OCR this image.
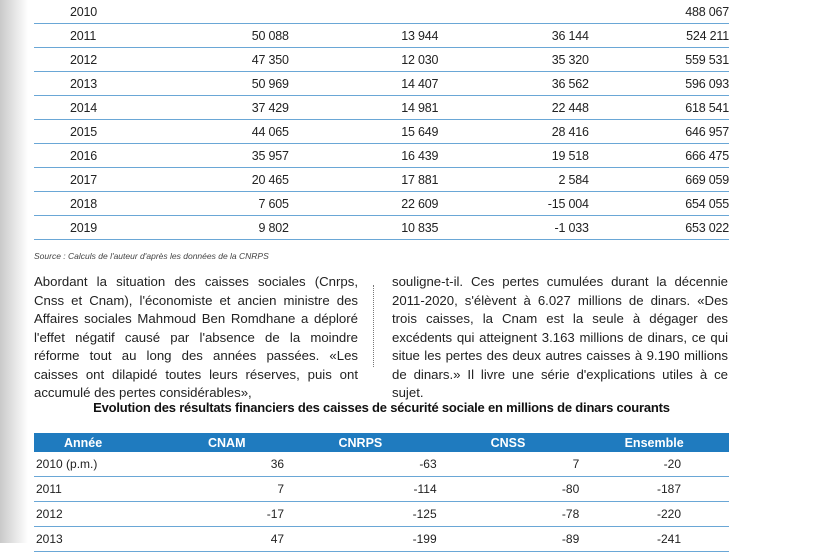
2010				488 067
2011	50 088	13 944	36 144	524 211
2012	47 350	12 030	35 320	559 531
2013	50 969	14 407	36 562	596 093
2014	37 429	14 981	22 448	618 541
2015	44 065	15 649	28 416	646 957
2016	35 957	16 439	19 518	666 475
2017	20 465	17 881	2 584	669 059
2018	7 605	22 609	-15 004	654 055
2019	9 802	10 835	-1 033	653 022
Source : Calculs de l'auteur d'après les données de la CNRPS

Abordant la situation des caisses sociales (Cnrps, Cnss et Cnam), l'économiste et ancien ministre des Affaires sociales Mahmoud Ben Romdhane a déploré l'effet négatif causé par l'absence de la moindre réforme tout au long des années passées. «Les caisses ont dilapidé toutes leurs réserves, puis ont accumulé des pertes considérables»,

souligne-t-il. Ces pertes cumulées durant la décennie 2011-2020, s'élèvent à 6.027 millions de dinars. «Des trois caisses, la Cnam est la seule à dégager des excédents qui atteignent 3.163 millions de dinars, ce qui situe les pertes des deux autres caisses à 9.190 millions de dinars.» Il livre une série d'explications utiles à ce sujet.

Evolution des résultats financiers des caisses de sécurité sociale en millions de dinars courants
Année	CNAM	CNRPS	CNSS	Ensemble
2010 (p.m.)	36	-63	7	-20
2011	7	-114	-80	-187
2012	-17	-125	-78	-220
2013	47	-199	-89	-241
